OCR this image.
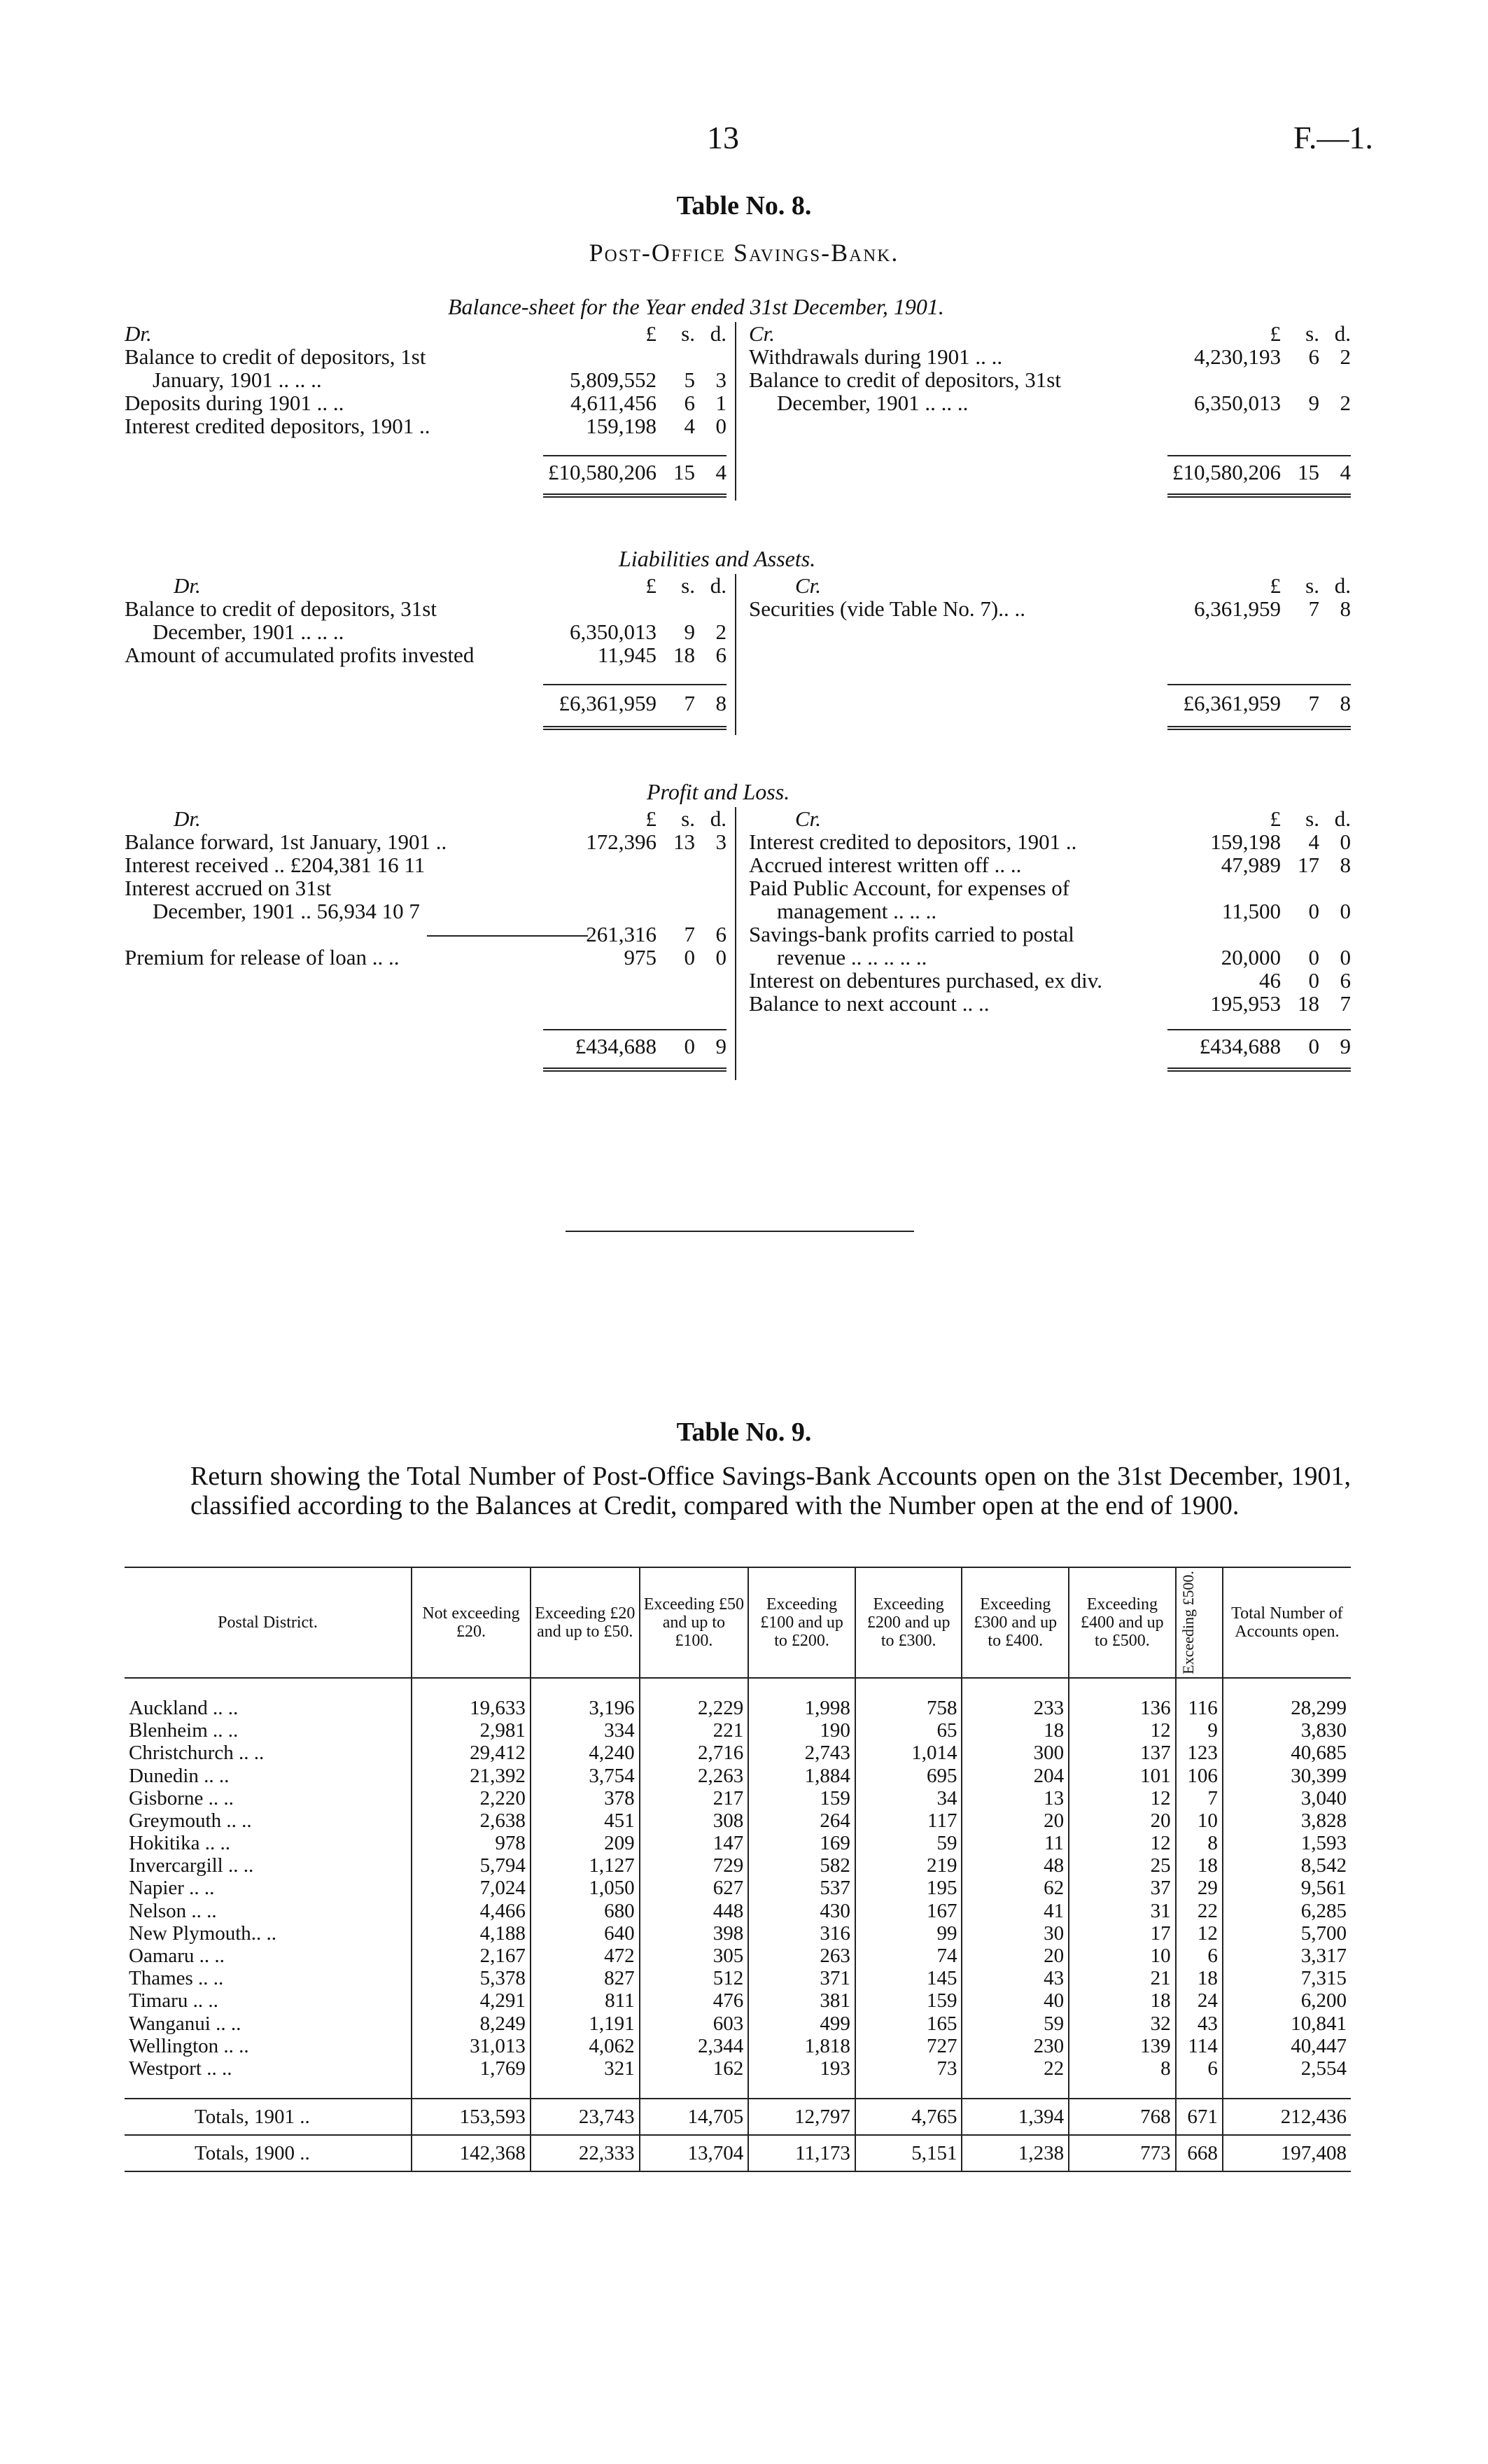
13	F.—1.
Table No. 8.
Post-Office Savings-Bank.
Balance-sheet for the Year ended 31st December, 1901.
Dr.	£	s.	d.
Balance to credit of depositors, 1st			
January, 1901 .. .. ..	5,809,552	5	3
Deposits during 1901 .. ..	4,611,456	6	1
Interest credited depositors, 1901 ..	159,198	4	0
£10,580,206	15	4
Cr.	£	s.	d.
Withdrawals during 1901 .. ..	4,230,193	6	2
Balance to credit of depositors, 31st			
December, 1901 .. .. ..	6,350,013	9	2
£10,580,206	15	4
Liabilities and Assets.
Dr.	£	s.	d.
Balance to credit of depositors, 31st			
December, 1901 .. .. ..	6,350,013	9	2
Amount of accumulated profits invested	11,945	18	6
£6,361,959	7	8
Cr.	£	s.	d.
Securities (vide Table No. 7).. ..	6,361,959	7	8
£6,361,959	7	8
Profit and Loss.
Dr.	£	s.	d.
Balance forward, 1st January, 1901 ..	172,396	13	3
Interest received .. £204,381 16 11			
Interest accrued on 31st			
December, 1901 .. 56,934 10 7			
	261,316	7	6
Premium for release of loan .. ..	975	0	0
£434,688	0	9
Cr.	£	s.	d.
Interest credited to depositors, 1901 ..	159,198	4	0
Accrued interest written off .. ..	47,989	17	8
Paid Public Account, for expenses of			
management .. .. ..	11,500	0	0
Savings-bank profits carried to postal			
revenue .. .. .. .. ..	20,000	0	0
Interest on debentures purchased, ex div.	46	0	6
Balance to next account .. ..	195,953	18	7
£434,688	0	9
Table No. 9.
Return showing the Total Number of Post-Office Savings-Bank Accounts open on the 31st December, 1901, classified according to the Balances at Credit, compared with the Number open at the end of 1900.
Postal District.	Not exceeding £20.	Exceeding £20 and up to £50.	Exceeding £50 and up to £100.	Exceeding £100 and up to £200.	Exceeding £200 and up to £300.	Exceeding £300 and up to £400.	Exceeding £400 and up to £500.	Exceeding £500.	Total Number of Accounts open.

Auckland .. ..	19,633	3,196	2,229	1,998	758	233	136	116	28,299
Blenheim .. ..	2,981	334	221	190	65	18	12	9	3,830
Christchurch .. ..	29,412	4,240	2,716	2,743	1,014	300	137	123	40,685
Dunedin .. ..	21,392	3,754	2,263	1,884	695	204	101	106	30,399
Gisborne .. ..	2,220	378	217	159	34	13	12	7	3,040
Greymouth .. ..	2,638	451	308	264	117	20	20	10	3,828
Hokitika .. ..	978	209	147	169	59	11	12	8	1,593
Invercargill .. ..	5,794	1,127	729	582	219	48	25	18	8,542
Napier .. ..	7,024	1,050	627	537	195	62	37	29	9,561
Nelson .. ..	4,466	680	448	430	167	41	31	22	6,285
New Plymouth.. ..	4,188	640	398	316	99	30	17	12	5,700
Oamaru .. ..	2,167	472	305	263	74	20	10	6	3,317
Thames .. ..	5,378	827	512	371	145	43	21	18	7,315
Timaru .. ..	4,291	811	476	381	159	40	18	24	6,200
Wanganui .. ..	8,249	1,191	603	499	165	59	32	43	10,841
Wellington .. ..	31,013	4,062	2,344	1,818	727	230	139	114	40,447
Westport .. ..	1,769	321	162	193	73	22	8	6	2,554

Totals, 1901 ..	153,593	23,743	14,705	12,797	4,765	1,394	768	671	212,436
Totals, 1900 ..	142,368	22,333	13,704	11,173	5,151	1,238	773	668	197,408
